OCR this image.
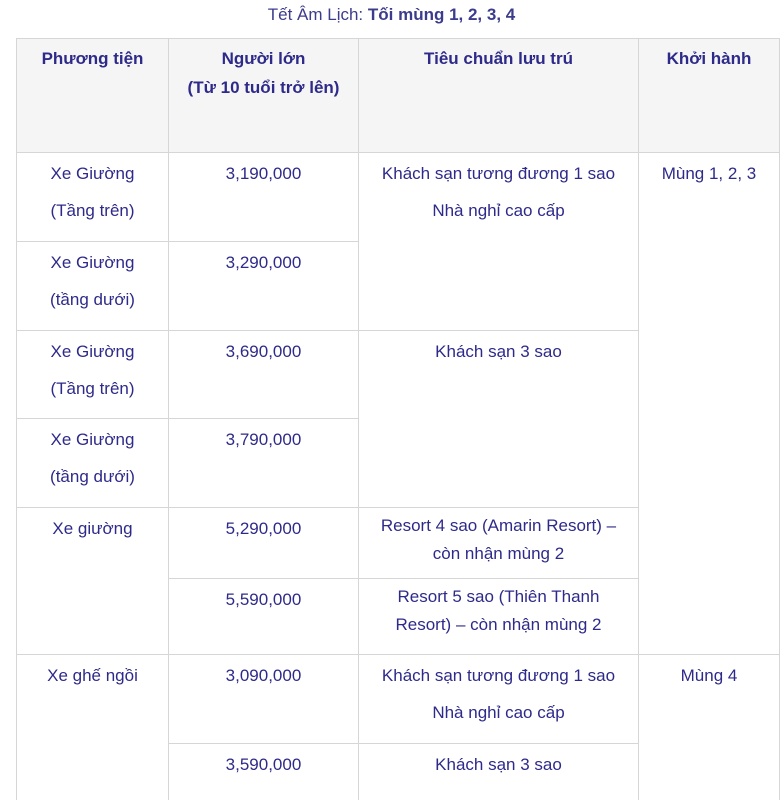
Tết Âm Lịch: Tối mùng 1, 2, 3, 4
Phương tiện	Người lớn
(Từ 10 tuổi trở lên)
Tiêu chuẩn lưu trú	Khởi hành
Xe Giường
(Tầng trên)
Xe Giường
(tầng dưới)
Xe Giường
(Tầng trên)
Xe Giường
(tầng dưới)
Xe giường
Xe ghế ngồi
3,190,000
3,290,000
3,690,000
3,790,000
5,290,000
5,590,000
3,090,000
3,590,000
Khách sạn tương đương 1 sao
Nhà nghỉ cao cấp
Khách sạn 3 sao
Resort 4 sao (Amarin Resort) – còn nhận mùng 2
Resort 5 sao (Thiên Thanh Resort) – còn nhận mùng 2
Khách sạn tương đương 1 sao
Nhà nghỉ cao cấp
Khách sạn 3 sao
Mùng 1, 2, 3
Mùng 4
